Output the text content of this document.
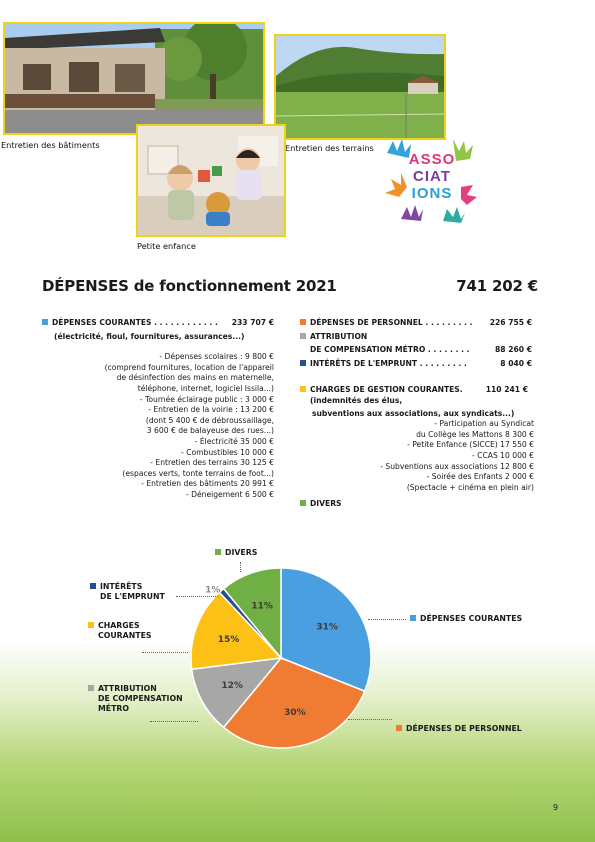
Entretien des bâtiments	Entretien des terrains
Petite enfance
ASSO
CIAT
IONS
DÉPENSES de fonctionnement 2021	741 202 €
DÉPENSES COURANTES . . . . . . . . . . . . 233 707 €
(électricité, fioul, fournitures, assurances...)
- Dépenses scolaires : 9 800 €
(comprend fournitures, location de l'appareil
de désinfection des mains en maternelle,
téléphone, internet, logiciel Issila...)
- Tournée éclairage public : 3 000 €
- Entretien de la voirie : 13 200 €
(dont 5 400 € de débroussaillage,
3 600 € de balayeuse des rues...)
- Électricité 35 000 €
- Combustibles 10 000 €
- Entretien des terrains 30 125 €
(espaces verts, tonte terrains de foot...)
- Entretien des bâtiments 20 991 €
- Déneigement 6 500 €
DÉPENSES DE PERSONNEL . . . . . . . . . 226 755 €
ATTRIBUTION
DE COMPENSATION MÉTRO . . . . . . . .	88 260 €
INTÉRÊTS DE L'EMPRUNT . . . . . . . . .	8 040 €
CHARGES DE GESTION COURANTES.	110 241 €
(indemnités des élus,
subventions aux associations, aux syndicats...)
- Participation au Syndicat
du Collège les Mattons 8 300 €
- Petite Enfance (SICCE) 17 550 €
- CCAS 10 000 €
- Subventions aux associations 12 800 €
- Soirée des Enfants 2 000 €
(Spectacle + cinéma en plein air)
DIVERS
31%
30%
12%
15%
1%
11%
DIVERS
INTÉRÊTS
DE L'EMPRUNT
CHARGES
COURANTES
ATTRIBUTION
DE COMPENSATION
MÉTRO
DÉPENSES COURANTES
DÉPENSES DE PERSONNEL
9
